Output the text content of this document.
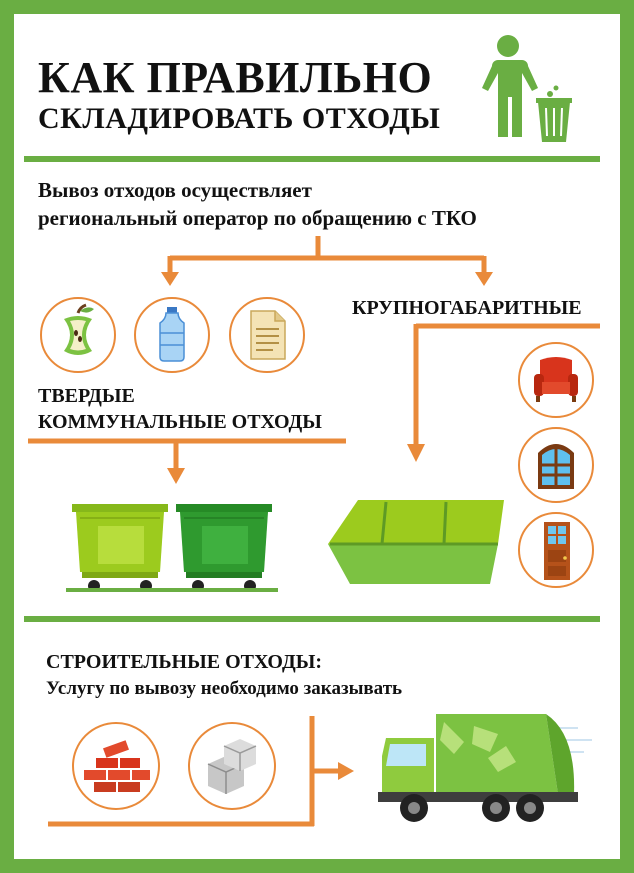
КАК ПРАВИЛЬНО
СКЛАДИРОВАТЬ ОТХОДЫ
Вывоз отходов осуществляет
региональный оператор по обращению с ТКО
ТВЕРДЫЕ
КОММУНАЛЬНЫЕ ОТХОДЫ
КРУПНОГАБАРИТНЫЕ
СТРОИТЕЛЬНЫЕ ОТХОДЫ:
Услугу по вывозу необходимо заказывать
